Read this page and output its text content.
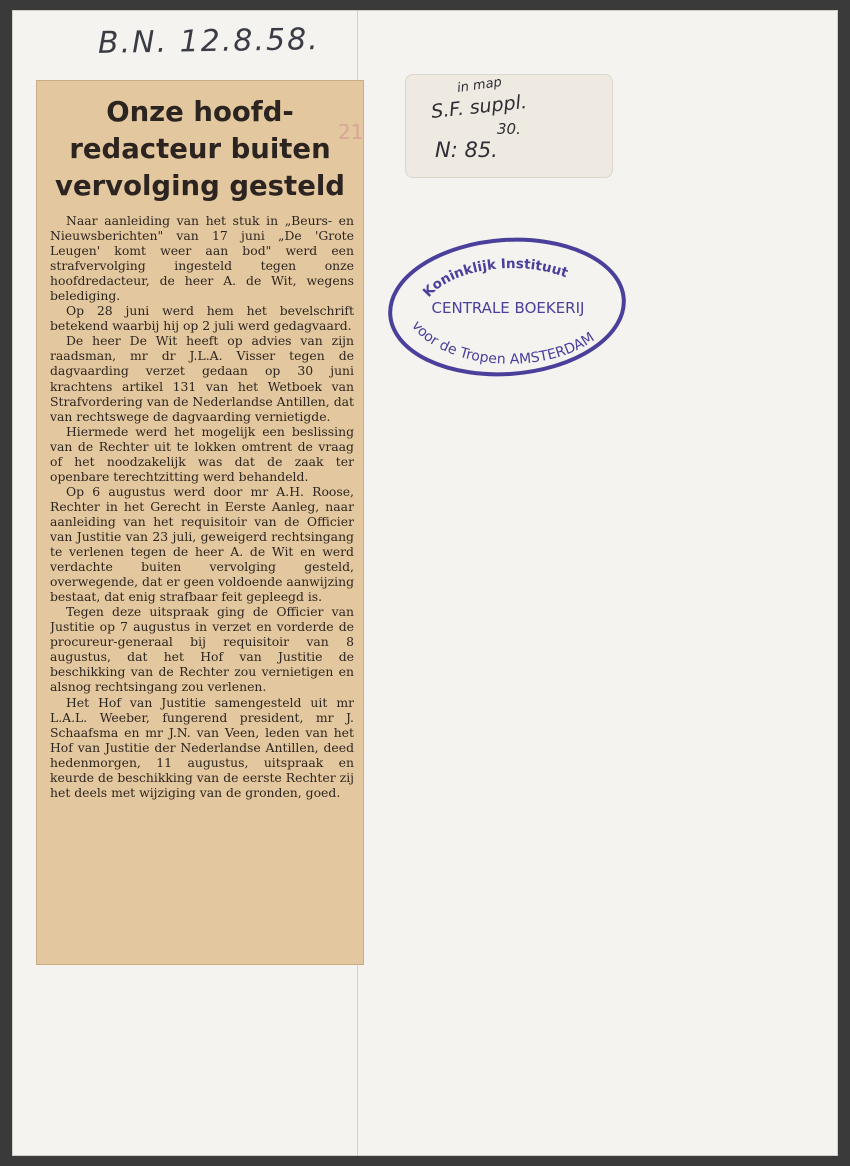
B.N. 12.8.58.
Onze hoofd-
redacteur buiten
vervolging gesteld
21

Naar aanleiding van het stuk in „Beurs- en Nieuwsberichten" van 17 juni „De 'Grote Leugen' komt weer aan bod" werd een strafvervolging ingesteld tegen onze hoofdredacteur, de heer A. de Wit, wegens belediging.

Op 28 juni werd hem het bevelschrift betekend waarbij hij op 2 juli werd gedagvaard.

De heer De Wit heeft op advies van zijn raadsman, mr dr J.L.A. Visser tegen de dagvaarding verzet gedaan op 30 juni krachtens artikel 131 van het Wetboek van Strafvordering van de Nederlandse Antillen, dat van rechtswege de dagvaarding vernietigde.

Hiermede werd het mogelijk een beslissing van de Rechter uit te lokken omtrent de vraag of het noodzakelijk was dat de zaak ter openbare terechtzitting werd behandeld.

Op 6 augustus werd door mr A.H. Roose, Rechter in het Gerecht in Eerste Aanleg, naar aanleiding van het requisitoir van de Officier van Justitie van 23 juli, geweigerd rechtsingang te verlenen tegen de heer A. de Wit en werd verdachte buiten vervolging gesteld, overwegende, dat er geen voldoende aanwijzing bestaat, dat enig strafbaar feit gepleegd is.

Tegen deze uitspraak ging de Officier van Justitie op 7 augustus in verzet en vorderde de procureur-generaal bij requisitoir van 8 augustus, dat het Hof van Justitie de beschikking van de Rechter zou vernietigen en alsnog rechtsingang zou verlenen.

Het Hof van Justitie samengesteld uit mr L.A.L. Weeber, fungerend president, mr J. Schaafsma en mr J.N. van Veen, leden van het Hof van Justitie der Nederlandse Antillen, deed hedenmorgen, 11 augustus, uitspraak en keurde de beschikking van de eerste Rechter zij het deels met wijziging van de gronden, goed.

in map
S.F. suppl.
30.
N: 85.
Koninklijk Instituut
CENTRALE BOEKERIJ
voor de Tropen AMSTERDAM
